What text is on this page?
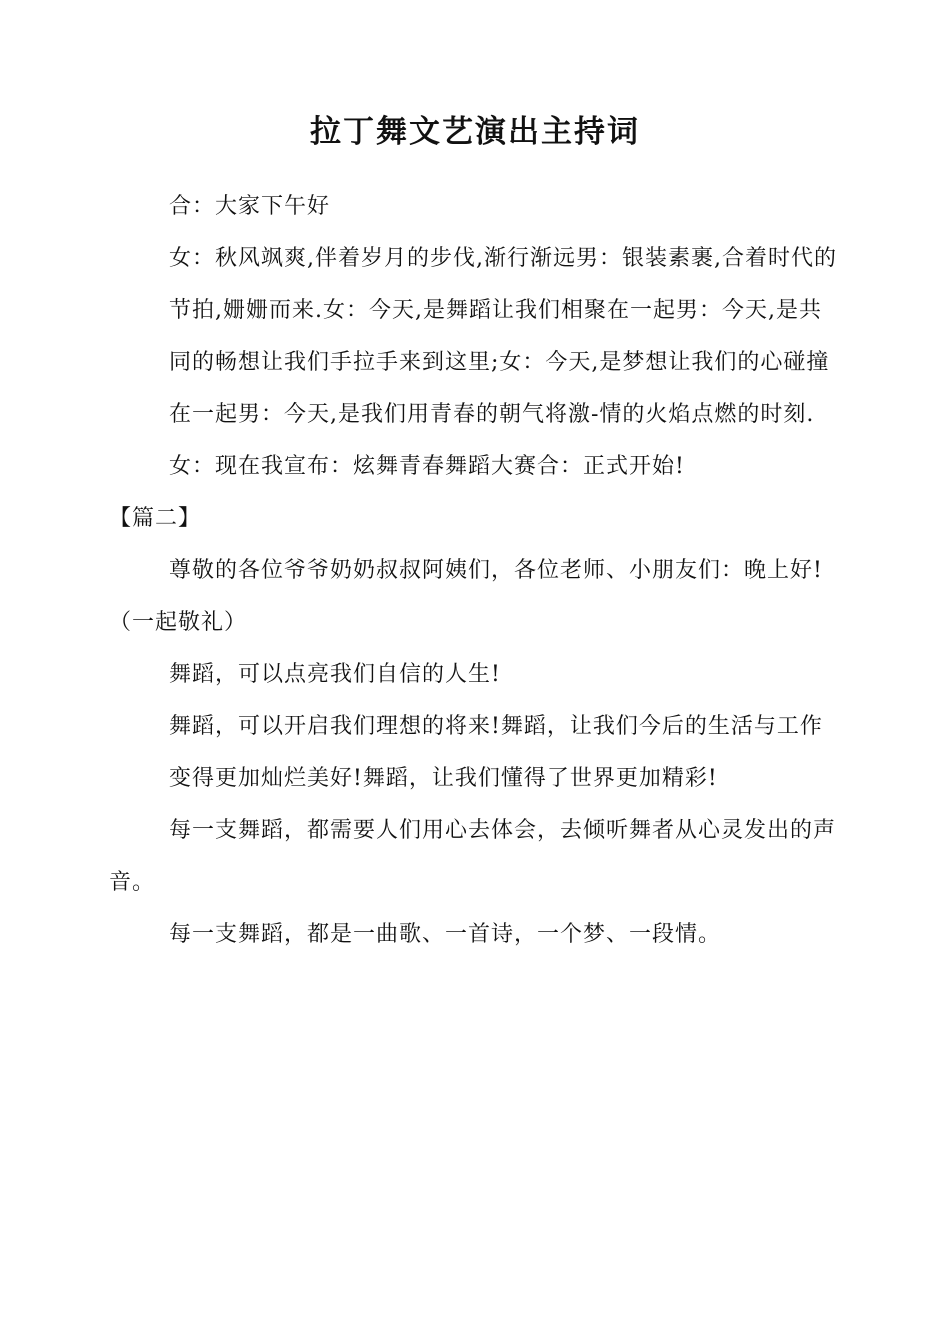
拉丁舞文艺演出主持词

合：大家下午好

女：秋风飒爽,伴着岁月的步伐,渐行渐远男：银装素裹,合着时代的节拍,姗姗而来.女：今天,是舞蹈让我们相聚在一起男：今天,是共同的畅想让我们手拉手来到这里;女：今天,是梦想让我们的心碰撞在一起男：今天,是我们用青春的朝气将激-情的火焰点燃的时刻.女：现在我宣布：炫舞青春舞蹈大赛合：正式开始!

【篇二】

尊敬的各位爷爷奶奶叔叔阿姨们，各位老师、小朋友们：晚上好!（一起敬礼）

舞蹈，可以点亮我们自信的人生!

舞蹈，可以开启我们理想的将来!舞蹈，让我们今后的生活与工作变得更加灿烂美好!舞蹈，让我们懂得了世界更加精彩!

每一支舞蹈，都需要人们用心去体会，去倾听舞者从心灵发出的声音。

每一支舞蹈，都是一曲歌、一首诗，一个梦、一段情。
